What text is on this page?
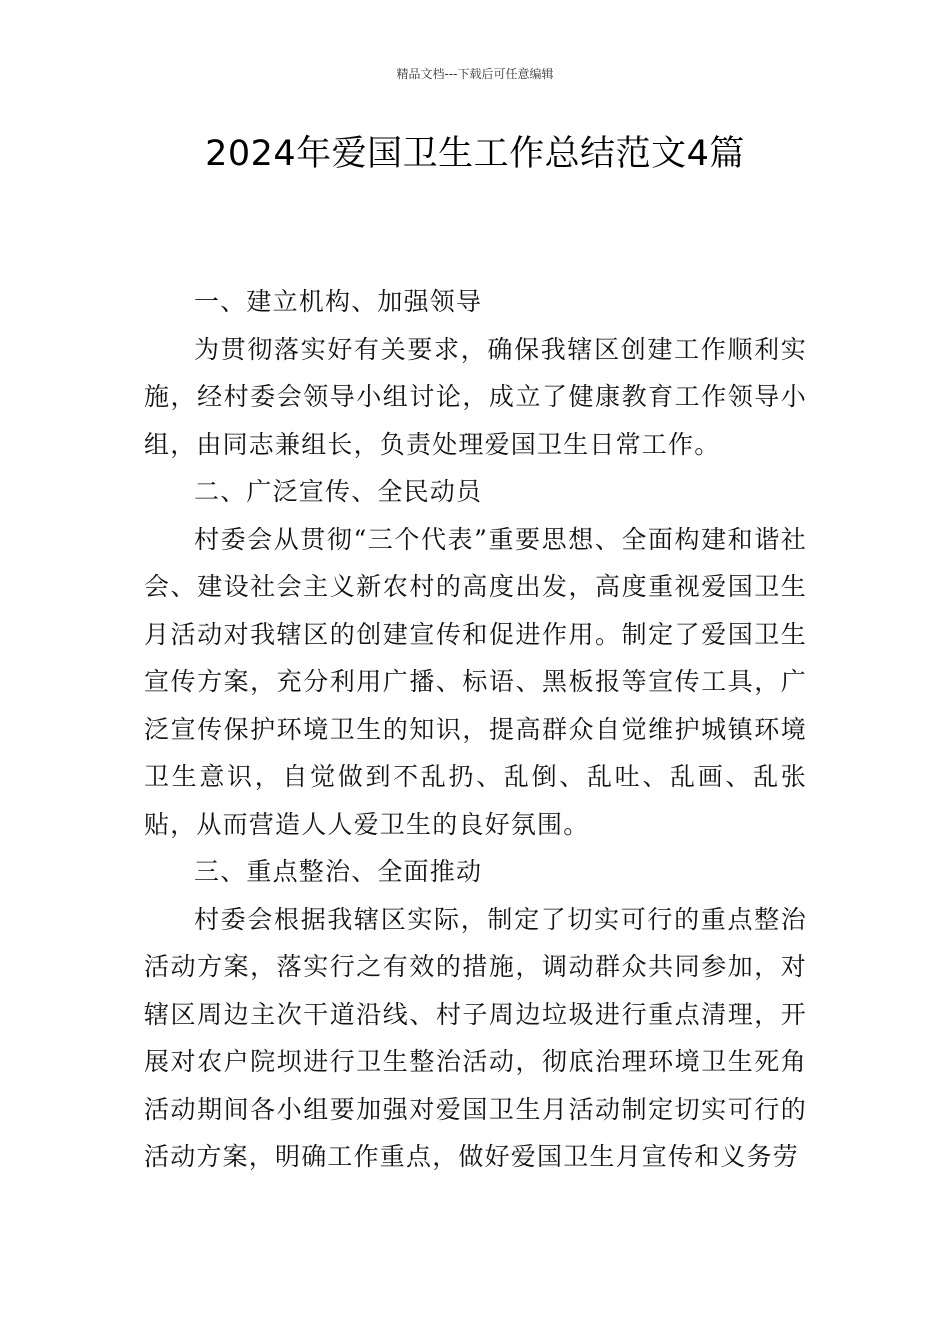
精品文档---下载后可任意编辑
2024年爱国卫生工作总结范文4篇

一、建立机构、加强领导

为贯彻落实好有关要求，确保我辖区创建工作顺利实施，经村委会领导小组讨论，成立了健康教育工作领导小组，由同志兼组长，负责处理爱国卫生日常工作。

二、广泛宣传、全民动员

村委会从贯彻“三个代表”重要思想、全面构建和谐社会、建设社会主义新农村的高度出发，高度重视爱国卫生月活动对我辖区的创建宣传和促进作用。制定了爱国卫生宣传方案，充分利用广播、标语、黑板报等宣传工具，广泛宣传保护环境卫生的知识，提高群众自觉维护城镇环境卫生意识，自觉做到不乱扔、乱倒、乱吐、乱画、乱张贴，从而营造人人爱卫生的良好氛围。

三、重点整治、全面推动

村委会根据我辖区实际，制定了切实可行的重点整治活动方案，落实行之有效的措施，调动群众共同参加，对辖区周边主次干道沿线、村子周边垃圾进行重点清理，开展对农户院坝进行卫生整治活动，彻底治理环境卫生死角活动期间各小组要加强对爱国卫生月活动制定切实可行的活动方案，明确工作重点，做好爱国卫生月宣传和义务劳
